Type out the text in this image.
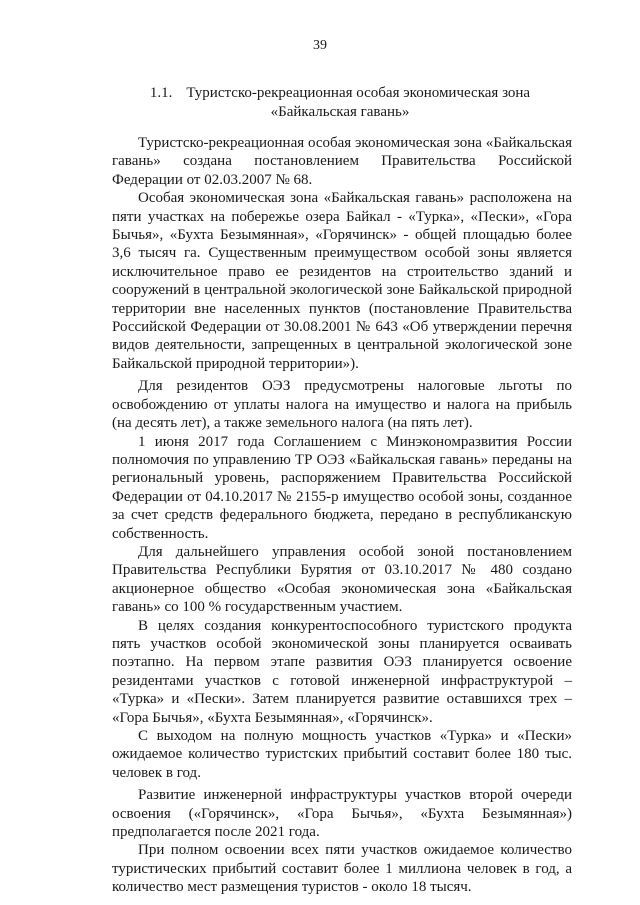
39
1.1. Туристско-рекреационная особая экономическая зона
«Байкальская гавань»

Туристско-рекреационная особая экономическая зона «Байкальская гавань» создана постановлением Правительства Российской Федерации от 02.03.2007 № 68.

Особая экономическая зона «Байкальская гавань» расположена на пяти участках на побережье озера Байкал - «Турка», «Пески», «Гора Бычья», «Бухта Безымянная», «Горячинск» - общей площадью более 3,6 тысяч га. Существенным преимуществом особой зоны является исключительное право ее резидентов на строительство зданий и сооружений в центральной экологической зоне Байкальской природной территории вне населенных пунктов (постановление Правительства Российской Федерации от 30.08.2001 № 643 «Об утверждении перечня видов деятельности, запрещенных в центральной экологической зоне Байкальской природной территории»).

Для резидентов ОЭЗ предусмотрены налоговые льготы по освобождению от уплаты налога на имущество и налога на прибыль (на десять лет), а также земельного налога (на пять лет).

1 июня 2017 года Соглашением с Минэкономразвития России полномочия по управлению ТР ОЭЗ «Байкальская гавань» переданы на региональный уровень, распоряжением Правительства Российской Федерации от 04.10.2017 № 2155-р имущество особой зоны, созданное за счет средств федерального бюджета, передано в республиканскую собственность.

Для дальнейшего управления особой зоной постановлением Правительства Республики Бурятия от 03.10.2017 № 480 создано акционерное общество «Особая экономическая зона «Байкальская гавань» со 100 % государственным участием.

В целях создания конкурентоспособного туристского продукта пять участков особой экономической зоны планируется осваивать поэтапно. На первом этапе развития ОЭЗ планируется освоение резидентами участков с готовой инженерной инфраструктурой – «Турка» и «Пески». Затем планируется развитие оставшихся трех – «Гора Бычья», «Бухта Безымянная», «Горячинск».

С выходом на полную мощность участков «Турка» и «Пески» ожидаемое количество туристских прибытий составит более 180 тыс. человек в год.

Развитие инженерной инфраструктуры участков второй очереди освоения («Горячинск», «Гора Бычья», «Бухта Безымянная») предполагается после 2021 года.

При полном освоении всех пяти участков ожидаемое количество туристических прибытий составит более 1 миллиона человек в год, а количество мест размещения туристов - около 18 тысяч.
